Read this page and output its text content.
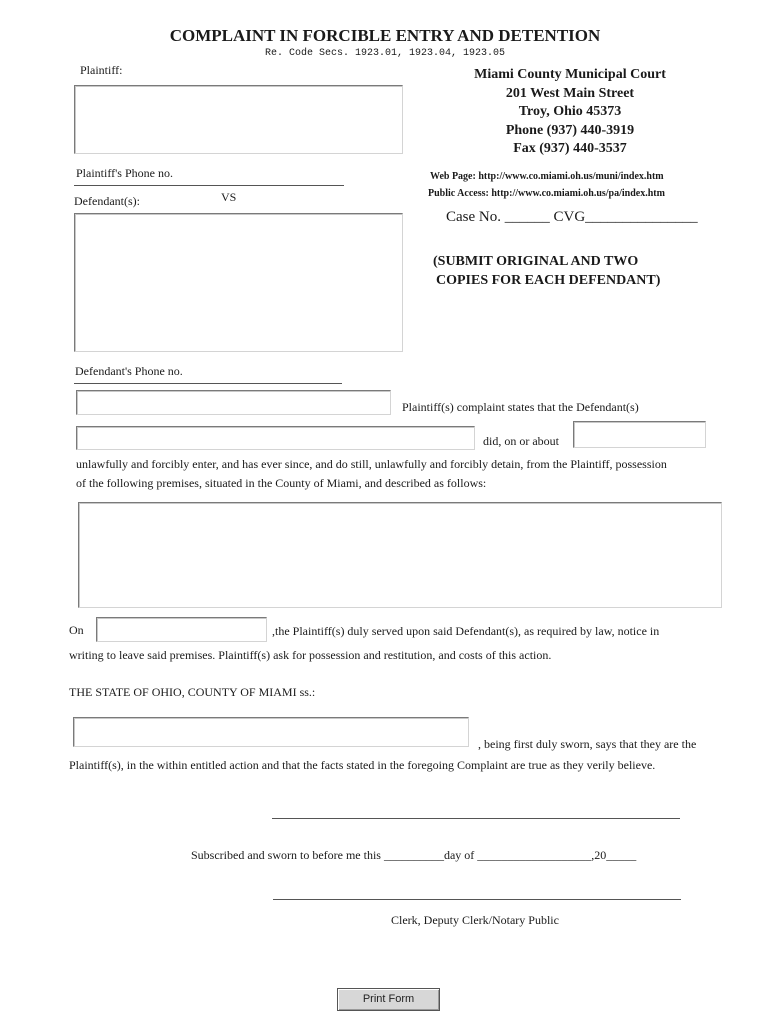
COMPLAINT IN FORCIBLE ENTRY AND DETENTION
Re. Code Secs. 1923.01, 1923.04, 1923.05
Plaintiff:
Plaintiff's Phone no.
Miami County Municipal Court
201 West Main Street
Troy, Ohio 45373
Phone (937) 440-3919
Fax (937) 440-3537
Web Page: http://www.co.miami.oh.us/muni/index.htm
Public Access: http://www.co.miami.oh.us/pa/index.htm
VS
Defendant(s):
Defendant's Phone no.
Case No. ______ CVG_______________
(SUBMIT ORIGINAL AND TWO
COPIES FOR EACH DEFENDANT)
Plaintiff(s) complaint states that the Defendant(s)
did, on or about
unlawfully and forcibly enter, and has ever since, and do still, unlawfully and forcibly detain, from the Plaintiff, possession
of the following premises, situated in the County of Miami, and described as follows:
On	,the Plaintiff(s) duly served upon said Defendant(s), as required by law, notice in
writing to leave said premises. Plaintiff(s) ask for possession and restitution, and costs of this action.
THE STATE OF OHIO, COUNTY OF MIAMI ss.:
, being first duly sworn, says that they are the
Plaintiff(s), in the within entitled action and that the facts stated in the foregoing Complaint are true as they verily believe.
Subscribed and sworn to before me this __________day of ___________________,20_____
Clerk, Deputy Clerk/Notary Public
Print Form
